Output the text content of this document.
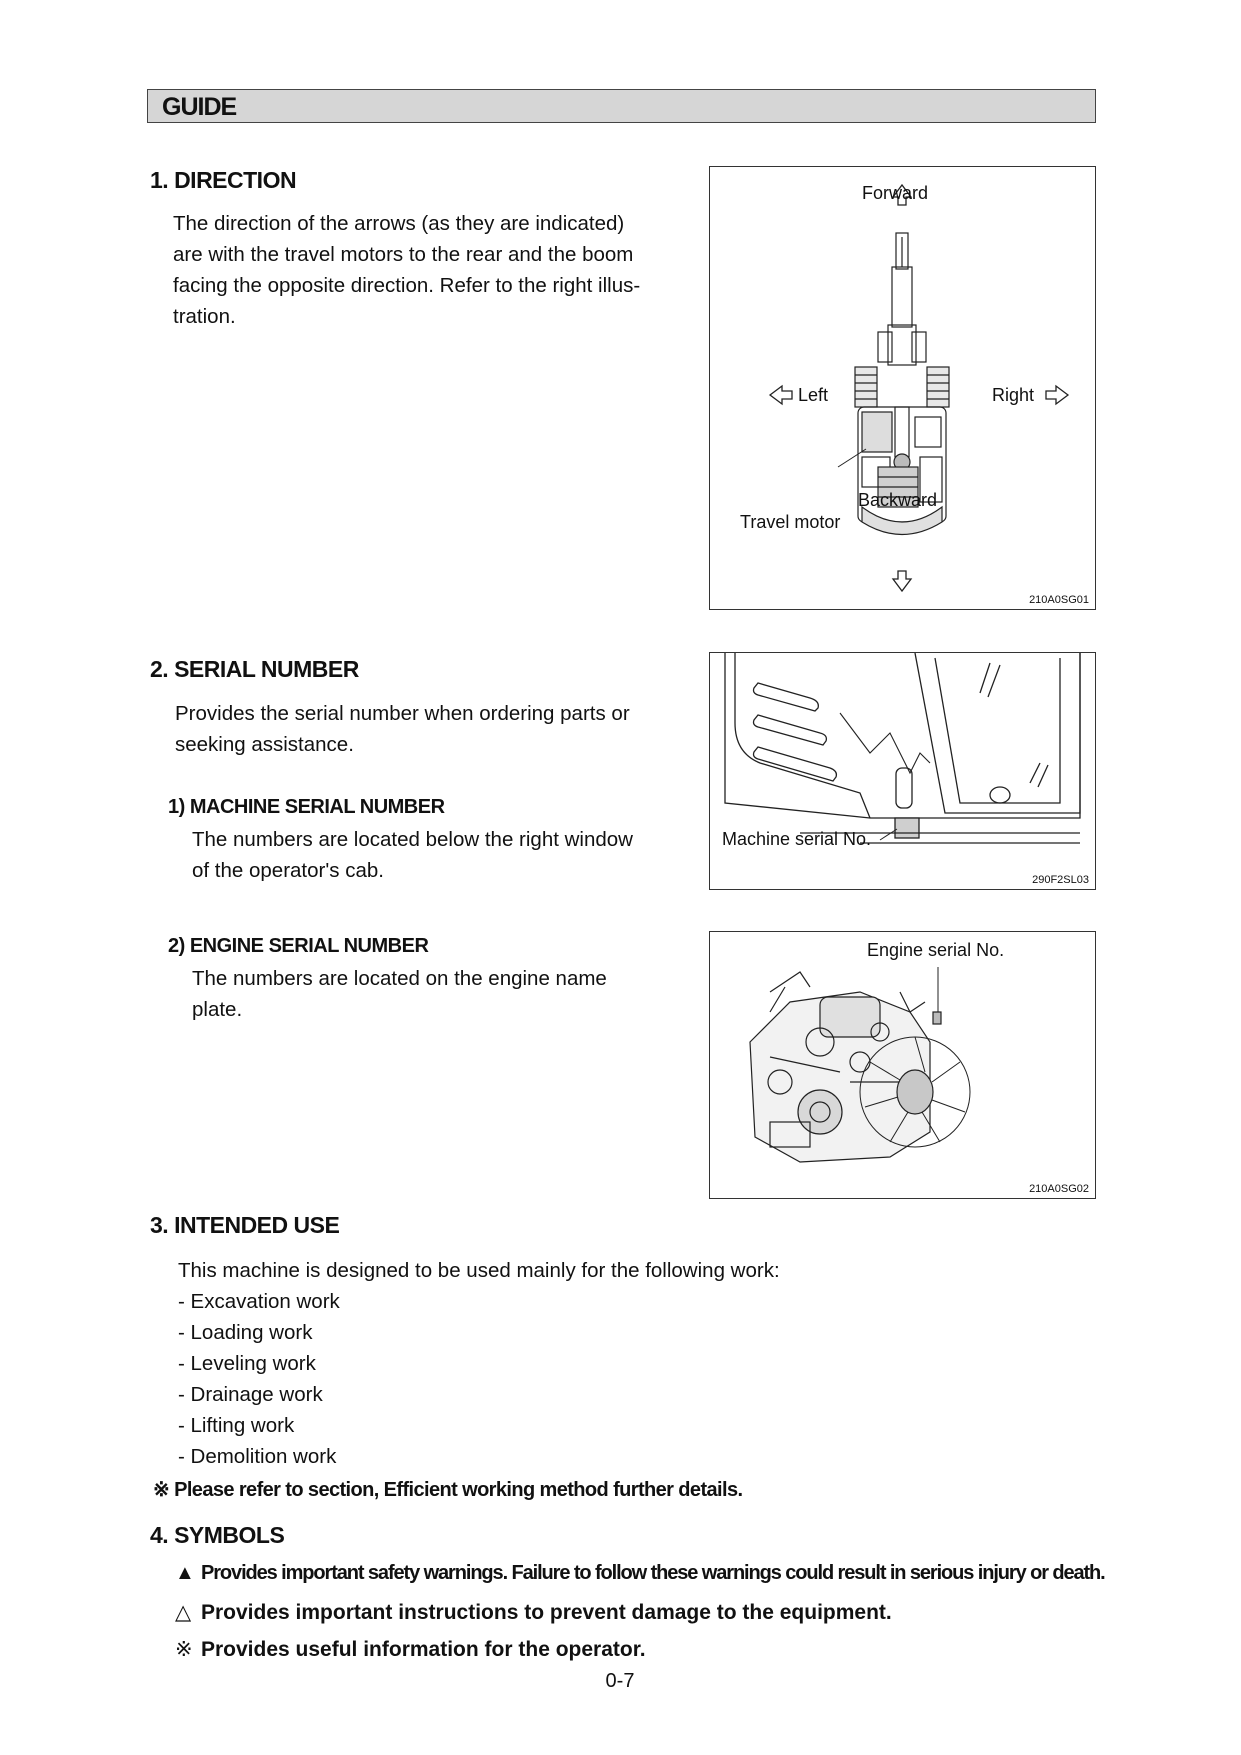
GUIDE
1. DIRECTION
The direction of the arrows (as they are indicated)
are with the travel motors to the rear and the boom
facing the opposite direction. Refer to the right illus-
tration.
Forward
Backward
Left	Right
Travel motor
210A0SG01
2. SERIAL NUMBER
Provides the serial number when ordering parts or
seeking assistance.
1) MACHINE SERIAL NUMBER
The numbers are located below the right window
of the operator's cab.
Machine serial No.
290F2SL03
2) ENGINE SERIAL NUMBER
The numbers are located on the engine name
plate.
Engine serial No.
210A0SG02
3. INTENDED USE
This machine is designed to be used mainly for the following work:
- Excavation work
- Loading work
- Leveling work
- Drainage work
- Lifting work
- Demolition work
※ Please refer to section, Efficient working method further details.
4. SYMBOLS
▲ Provides important safety warnings. Failure to follow these warnings could result in serious injury or death.
△ Provides important instructions to prevent damage to the equipment.
※ Provides useful information for the operator.
0-7
